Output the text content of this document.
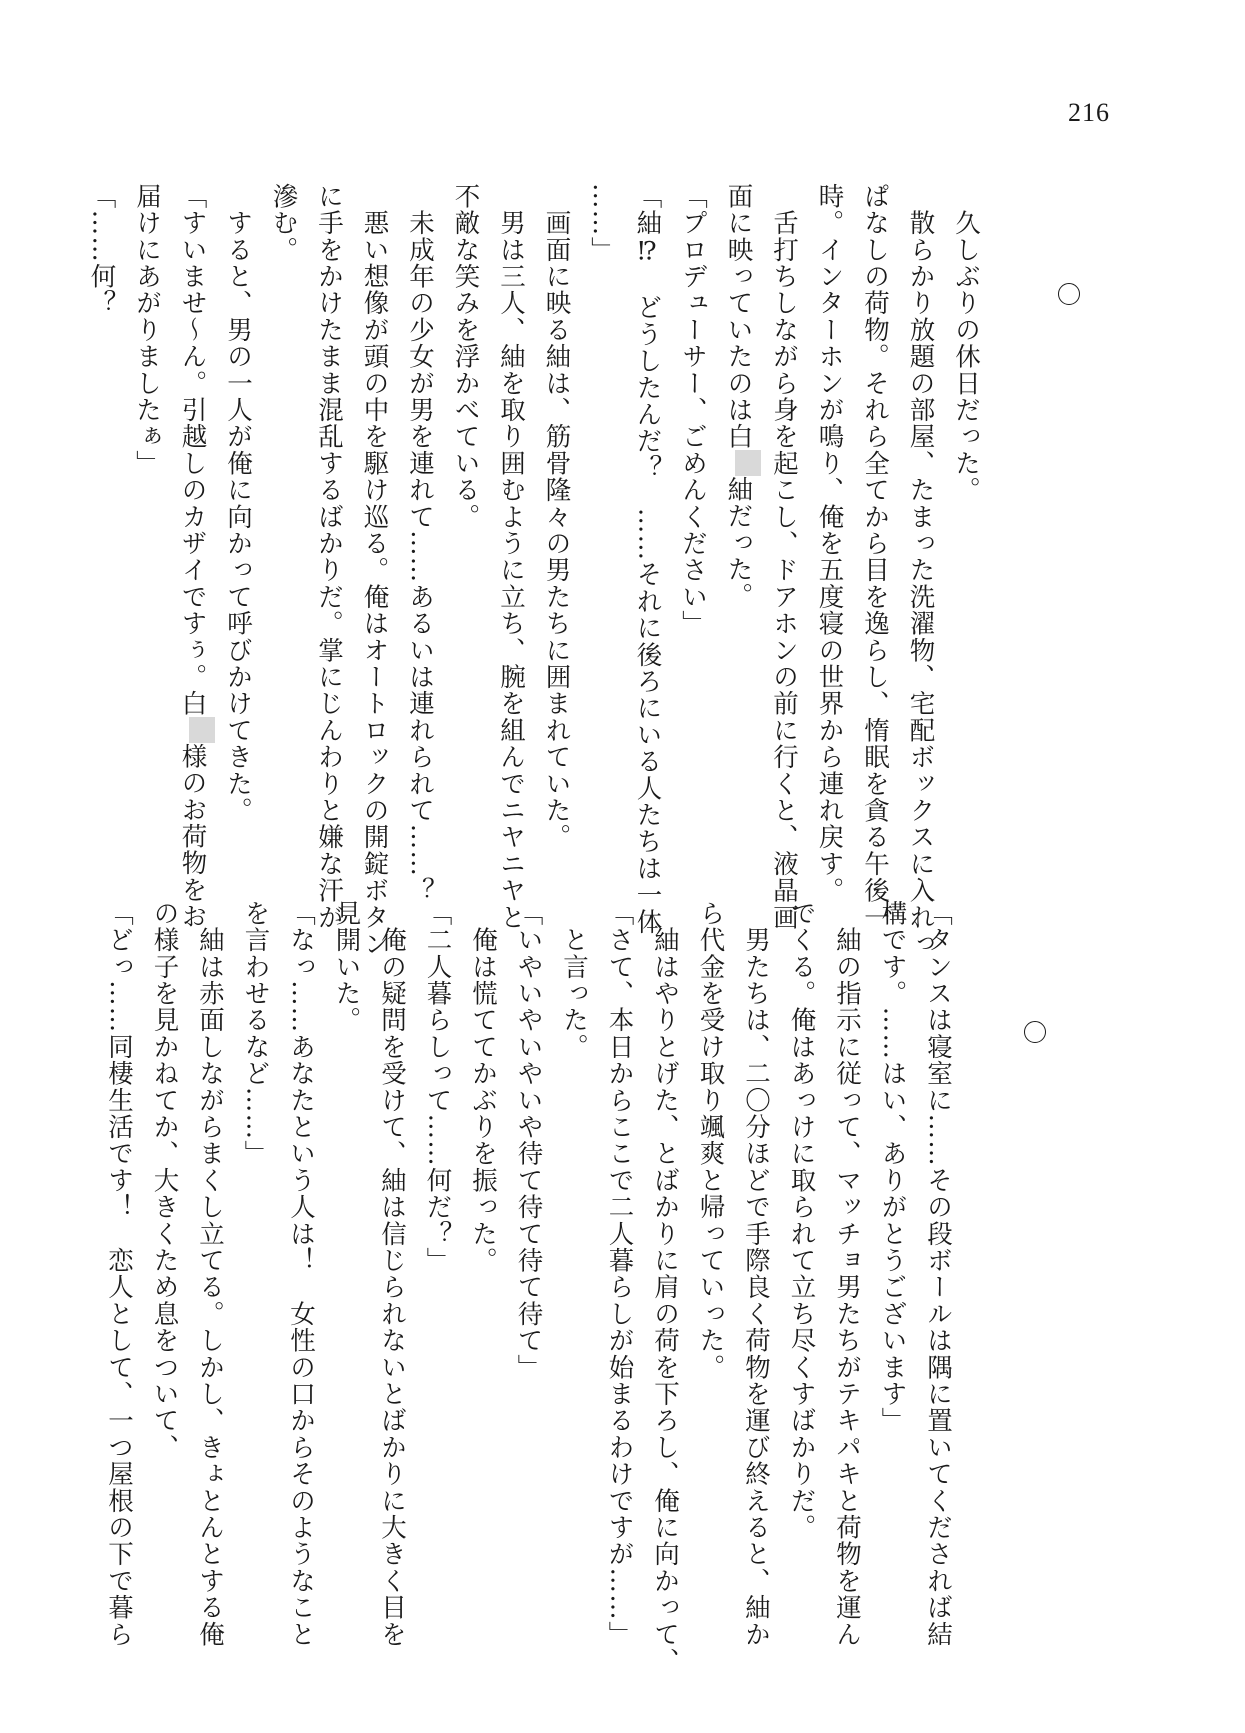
216
　久しぶりの休日だった。
　散らかり放題の部屋、たまった洗濯物、宅配ボックスに入れっ
ぱなしの荷物。それら全てから目を逸らし、惰眠を貪る午後一
時。インターホンが鳴り、俺を五度寝の世界から連れ戻す。
　舌打ちしながら身を起こし、ドアホンの前に行くと、液晶画
面に映っていたのは白紬だった。
「プロデューサー、ごめんください」
「紬⁉　どうしたんだ？　……それに後ろにいる人たちは一体
……」
　画面に映る紬は、筋骨隆々の男たちに囲まれていた。
　男は三人、紬を取り囲むように立ち、腕を組んでニヤニヤと
不敵な笑みを浮かべている。
　未成年の少女が男を連れて……あるいは連れられて……？
　悪い想像が頭の中を駆け巡る。俺はオートロックの開錠ボタン
に手をかけたまま混乱するばかりだ。掌にじんわりと嫌な汗が
滲む。
　すると、男の一人が俺に向かって呼びかけてきた。
「すいませ～ん。引越しのカザイですぅ。白様のお荷物をお
届けにあがりましたぁ」
「……何？
「タンスは寝室に……その段ボールは隅に置いてくだされば結
構です。……はい、ありがとうございます」
　紬の指示に従って、マッチョ男たちがテキパキと荷物を運ん
でくる。俺はあっけに取られて立ち尽くすばかりだ。
　男たちは、二〇分ほどで手際良く荷物を運び終えると、紬か
ら代金を受け取り颯爽と帰っていった。
　紬はやりとげた、とばかりに肩の荷を下ろし、俺に向かって、
「さて、本日からここで二人暮らしが始まるわけですが……」
　と言った。
「いやいやいやいや待て待て待て待て」
　俺は慌ててかぶりを振った。
「二人暮らしって……何だ？」
　俺の疑問を受けて、紬は信じられないとばかりに大きく目を
見開いた。
「なっ……あなたという人は！　女性の口からそのようなこと
を言わせるなど……」
　紬は赤面しながらまくし立てる。しかし、きょとんとする俺
の様子を見かねてか、大きくため息をついて、
「どっ……同棲生活です！　恋人として、一つ屋根の下で暮ら
